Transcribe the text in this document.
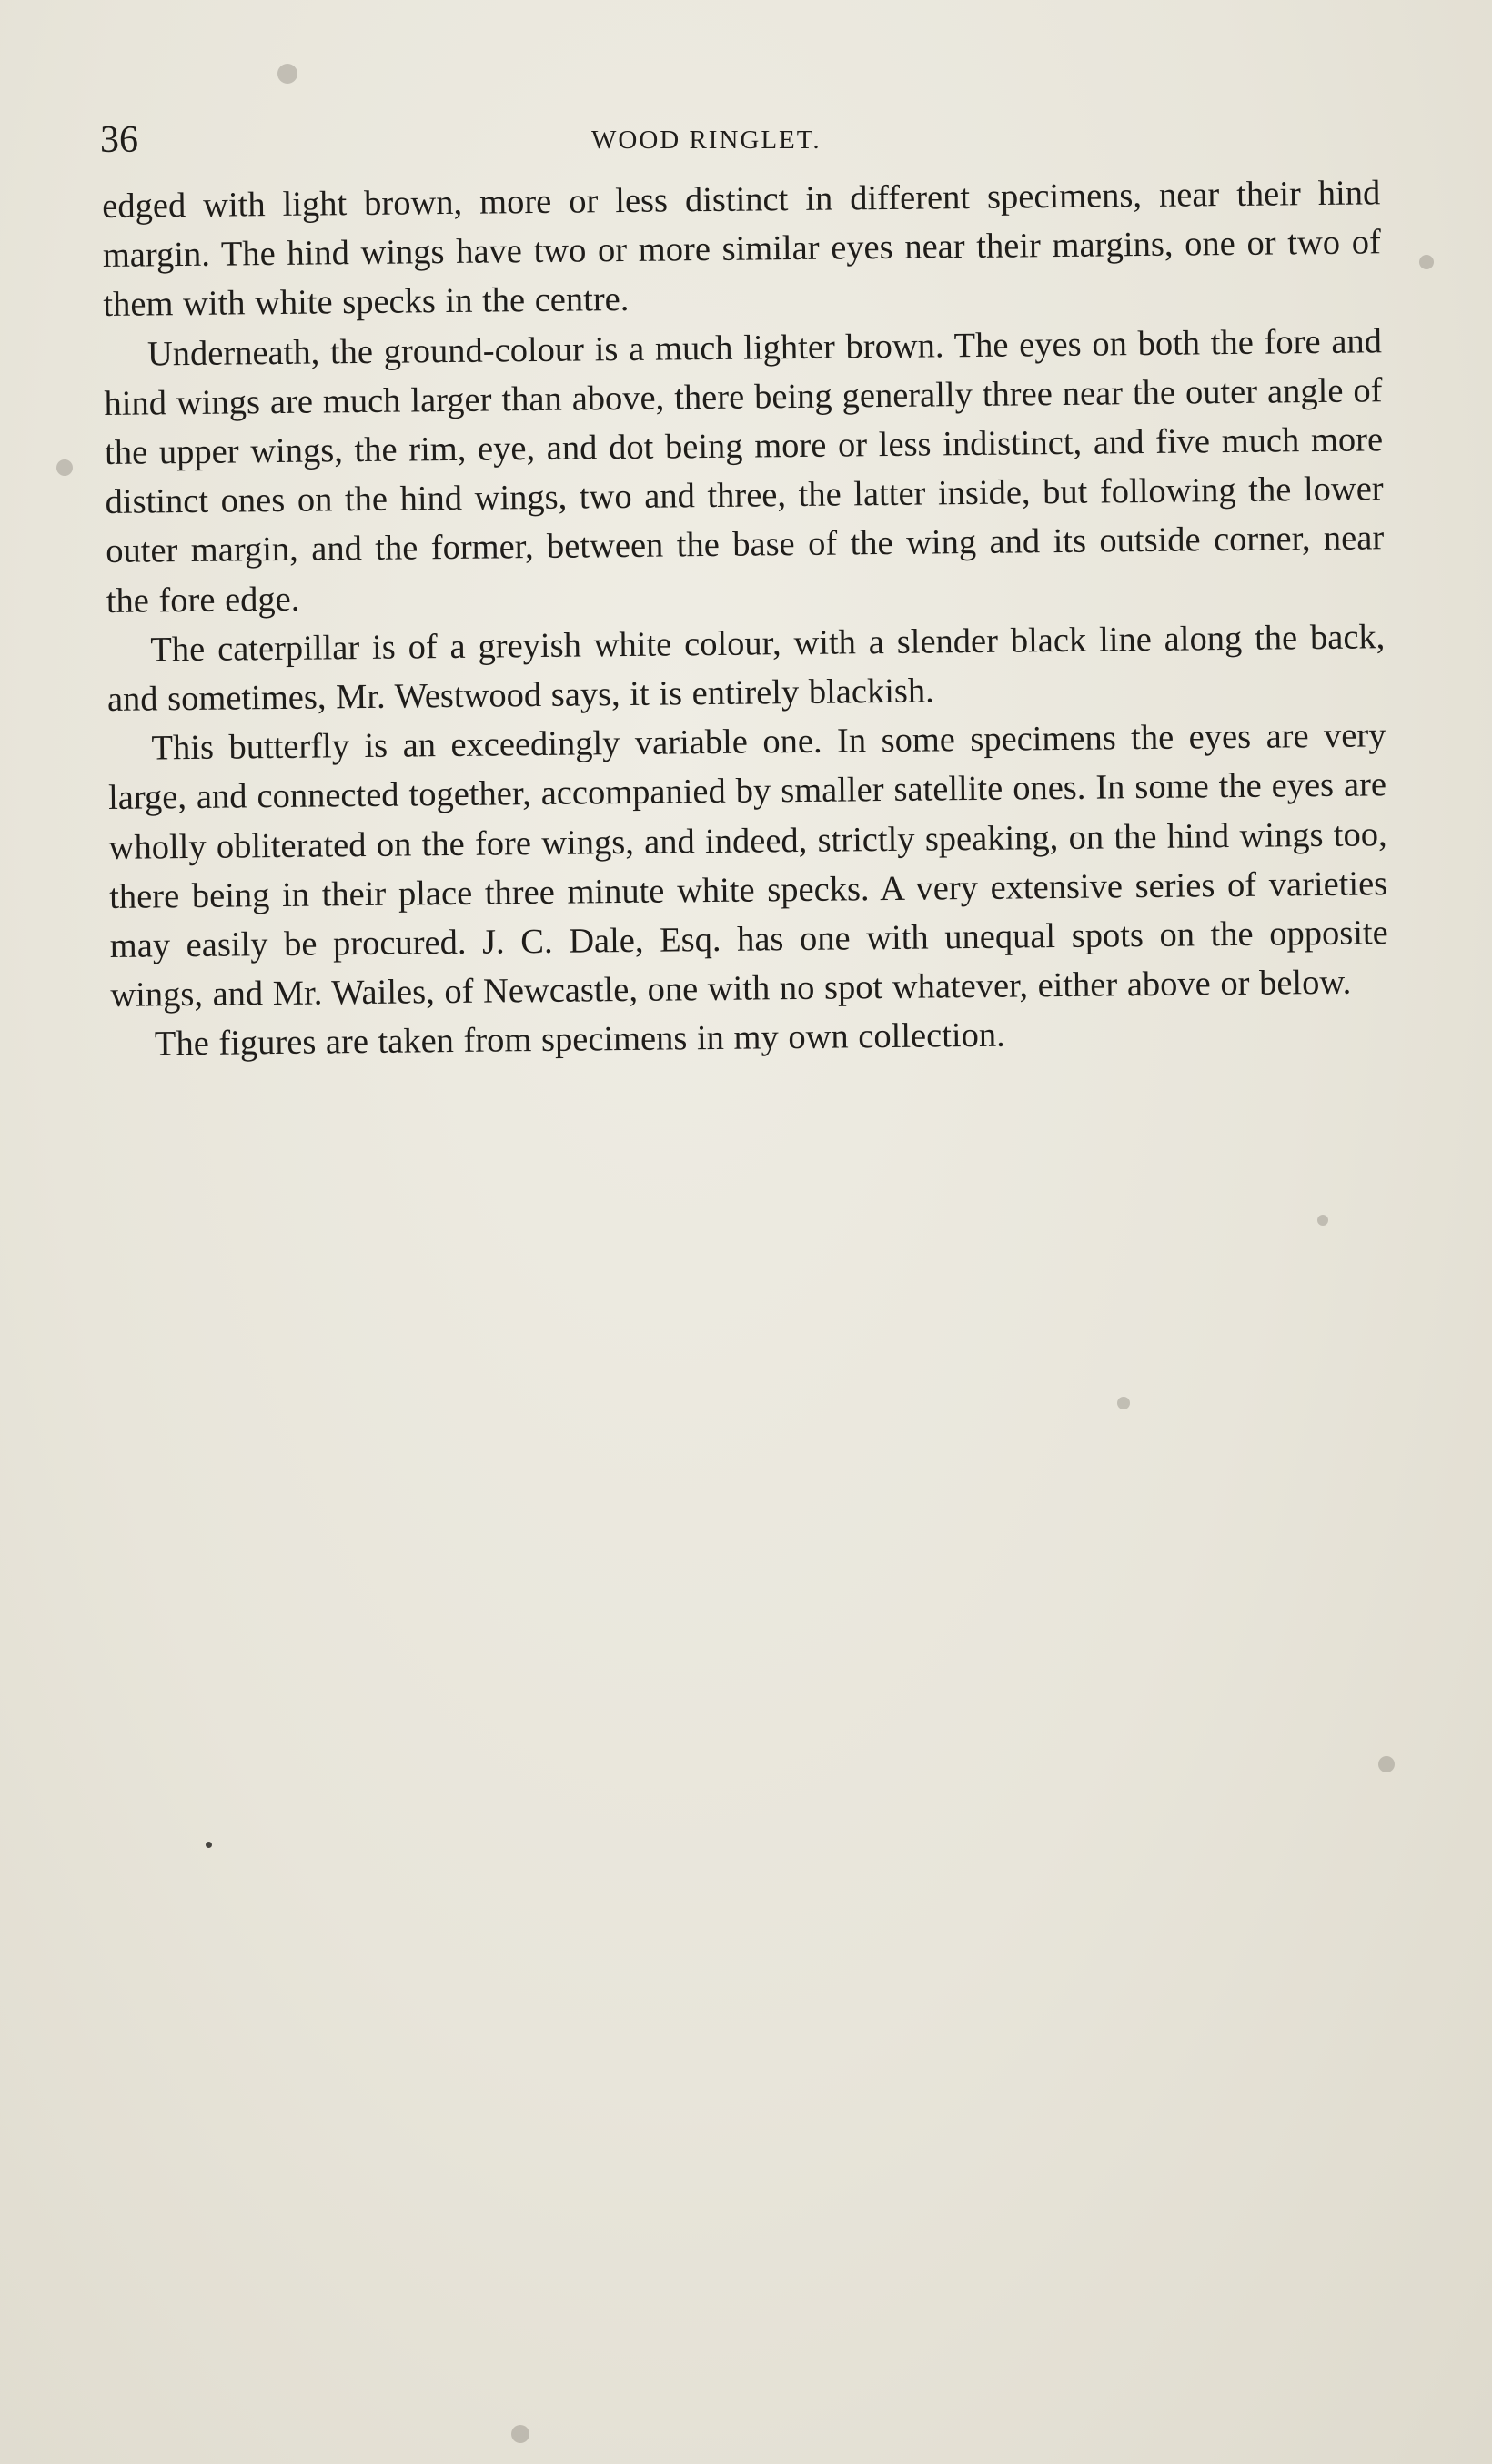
36	WOOD RINGLET.

edged with light brown, more or less distinct in different specimens, near their hind margin. The hind wings have two or more similar eyes near their margins, one or two of them with white specks in the centre.

Underneath, the ground-colour is a much lighter brown. The eyes on both the fore and hind wings are much larger than above, there being generally three near the outer angle of the upper wings, the rim, eye, and dot being more or less indistinct, and five much more distinct ones on the hind wings, two and three, the latter inside, but following the lower outer margin, and the former, between the base of the wing and its outside corner, near the fore edge.

The caterpillar is of a greyish white colour, with a slender black line along the back, and sometimes, Mr. Westwood says, it is entirely blackish.

This butterfly is an exceedingly variable one. In some specimens the eyes are very large, and connected together, accompanied by smaller satellite ones. In some the eyes are wholly obliterated on the fore wings, and indeed, strictly speaking, on the hind wings too, there being in their place three minute white specks. A very extensive series of varieties may easily be procured. J. C. Dale, Esq. has one with unequal spots on the opposite wings, and Mr. Wailes, of Newcastle, one with no spot whatever, either above or below.

The figures are taken from specimens in my own collection.
